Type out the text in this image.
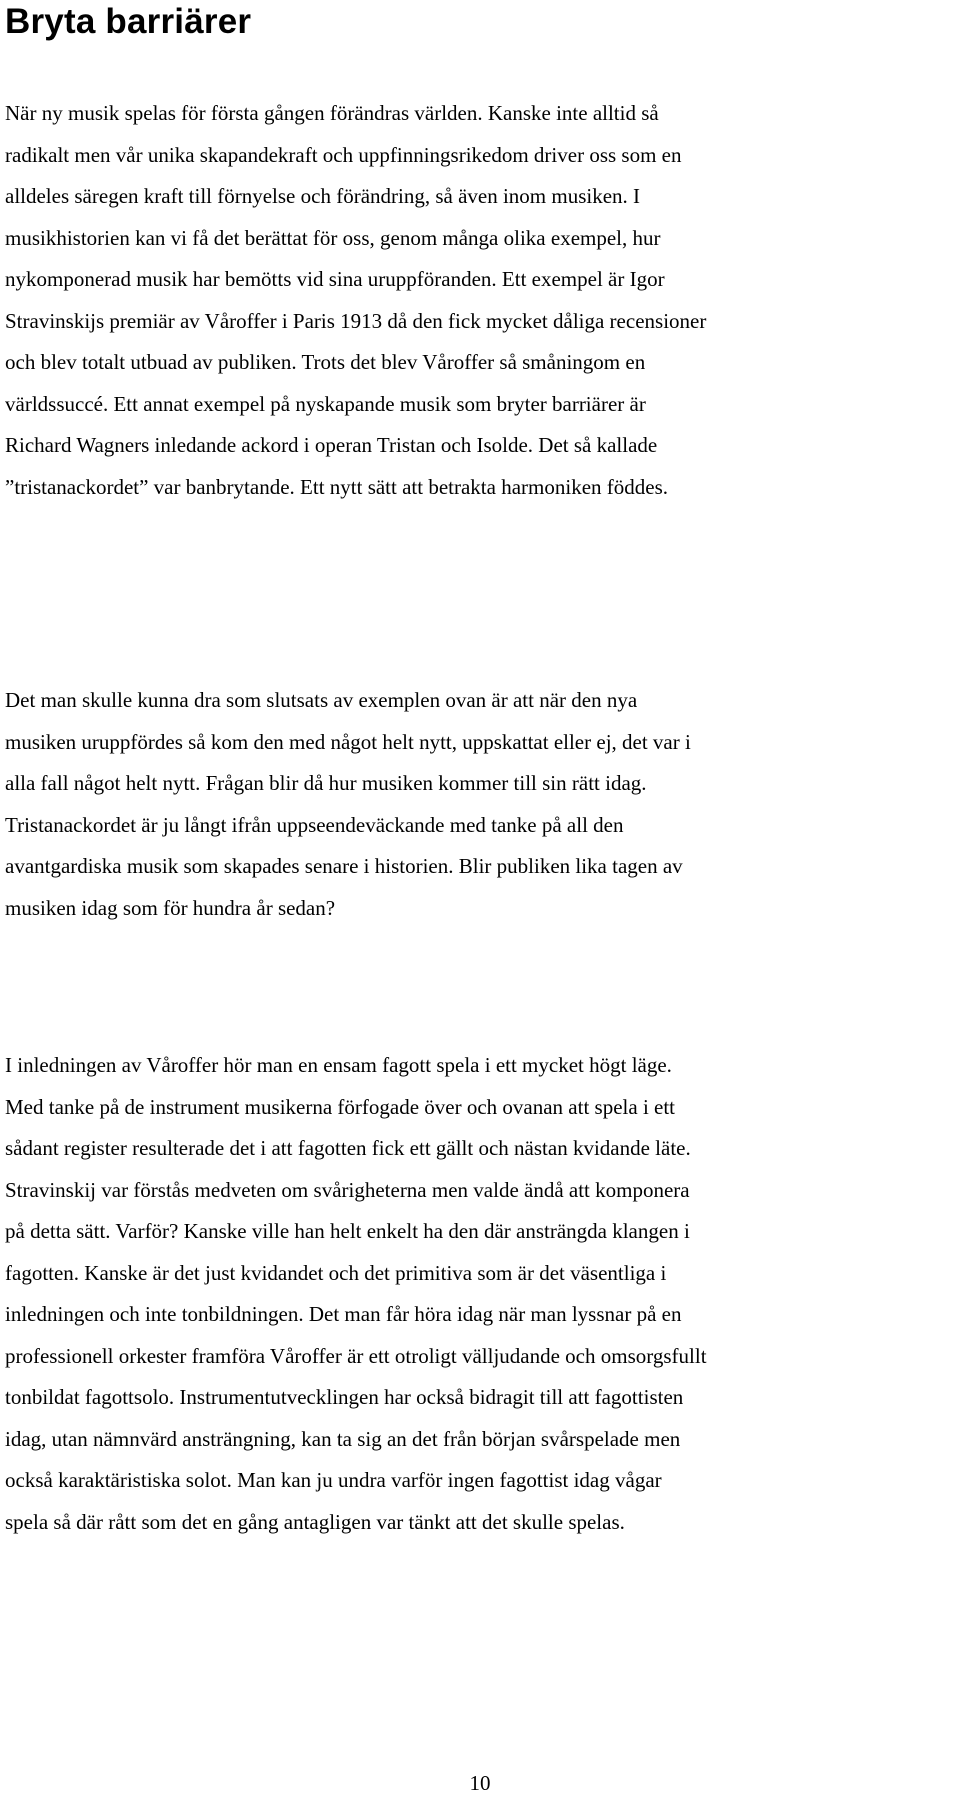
Bryta barriärer

När ny musik spelas för första gången förändras världen. Kanske inte alltid så
radikalt men vår unika skapandekraft och uppfinningsrikedom driver oss som en
alldeles säregen kraft till förnyelse och förändring, så även inom musiken. I
musikhistorien kan vi få det berättat för oss, genom många olika exempel, hur
nykomponerad musik har bemötts vid sina uruppföranden. Ett exempel är Igor
Stravinskijs premiär av Våroffer i Paris 1913 då den fick mycket dåliga recensioner
och blev totalt utbuad av publiken. Trots det blev Våroffer så småningom en
världssuccé. Ett annat exempel på nyskapande musik som bryter barriärer är
Richard Wagners inledande ackord i operan Tristan och Isolde. Det så kallade
”tristanackordet” var banbrytande. Ett nytt sätt att betrakta harmoniken föddes.

Det man skulle kunna dra som slutsats av exemplen ovan är att när den nya
musiken uruppfördes så kom den med något helt nytt, uppskattat eller ej, det var i
alla fall något helt nytt. Frågan blir då hur musiken kommer till sin rätt idag.
Tristanackordet är ju långt ifrån uppseendeväckande med tanke på all den
avantgardiska musik som skapades senare i historien. Blir publiken lika tagen av
musiken idag som för hundra år sedan?

I inledningen av Våroffer hör man en ensam fagott spela i ett mycket högt läge.
Med tanke på de instrument musikerna förfogade över och ovanan att spela i ett
sådant register resulterade det i att fagotten fick ett gällt och nästan kvidande läte.
Stravinskij var förstås medveten om svårigheterna men valde ändå att komponera
på detta sätt. Varför? Kanske ville han helt enkelt ha den där ansträngda klangen i
fagotten. Kanske är det just kvidandet och det primitiva som är det väsentliga i
inledningen och inte tonbildningen. Det man får höra idag när man lyssnar på en
professionell orkester framföra Våroffer är ett otroligt välljudande och omsorgsfullt
tonbildat fagottsolo. Instrumentutvecklingen har också bidragit till att fagottisten
idag, utan nämnvärd ansträngning, kan ta sig an det från början svårspelade men
också karaktäristiska solot. Man kan ju undra varför ingen fagottist idag vågar
spela så där rått som det en gång antagligen var tänkt att det skulle spelas.

10
